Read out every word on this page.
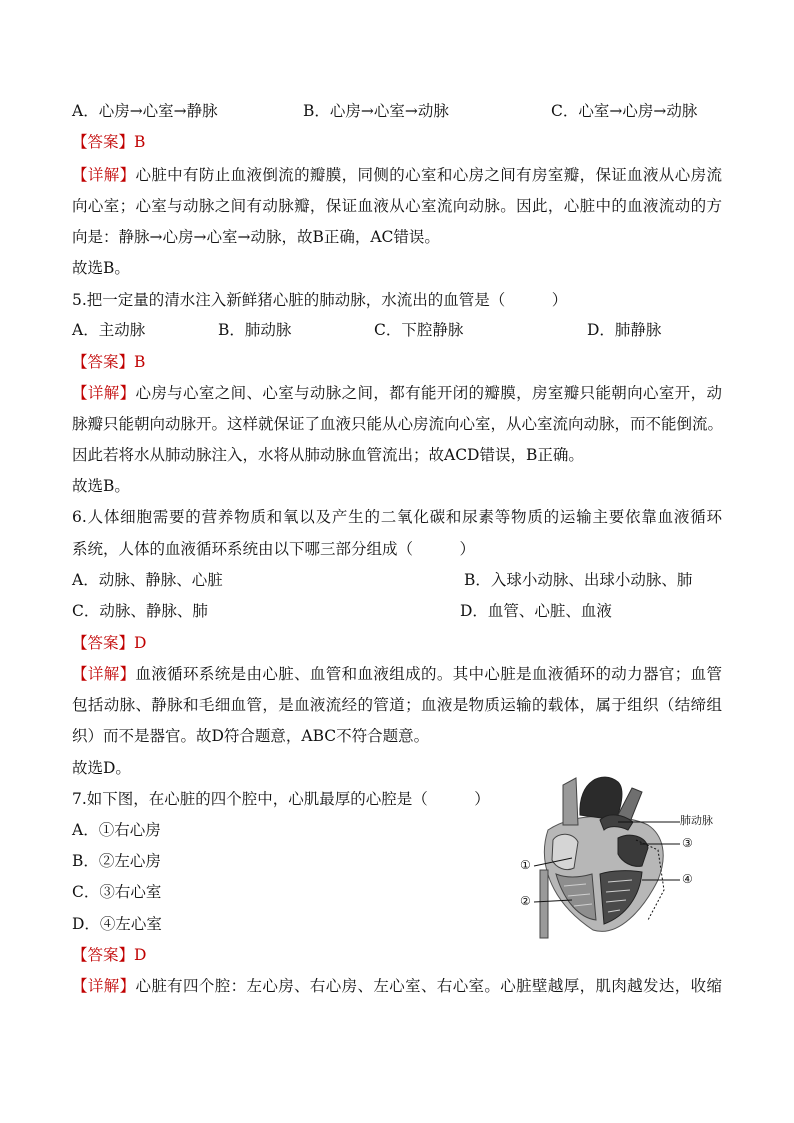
A．心房→心室→静脉	B．心房→心室→动脉	C．心室→心房→动脉
【答案】B
【详解】心脏中有防止血液倒流的瓣膜，同侧的心室和心房之间有房室瓣，保证血液从心房流
向心室；心室与动脉之间有动脉瓣，保证血液从心室流向动脉。因此，心脏中的血液流动的方
向是：静脉→心房→心室→动脉，故B正确，AC错误。
故选B。
5.把一定量的清水注入新鲜猪心脏的肺动脉，水流出的血管是（　　　）
A．主动脉	B．肺动脉	C．下腔静脉	D．肺静脉
【答案】B
【详解】心房与心室之间、心室与动脉之间，都有能开闭的瓣膜，房室瓣只能朝向心室开，动
脉瓣只能朝向动脉开。这样就保证了血液只能从心房流向心室，从心室流向动脉，而不能倒流。
因此若将水从肺动脉注入，水将从肺动脉血管流出；故ACD错误，B正确。
故选B。
6.人体细胞需要的营养物质和氧以及产生的二氧化碳和尿素等物质的运输主要依靠血液循环
系统，人体的血液循环系统由以下哪三部分组成（　　　）
A．动脉、静脉、心脏	B．入球小动脉、出球小动脉、肺
C．动脉、静脉、肺	D．血管、心脏、血液
【答案】D
【详解】血液循环系统是由心脏、血管和血液组成的。其中心脏是血液循环的动力器官；血管
包括动脉、静脉和毛细血管，是血液流经的管道；血液是物质运输的载体，属于组织（结缔组
织）而不是器官。故D符合题意，ABC不符合题意。
故选D。
7.如下图，在心脏的四个腔中，心肌最厚的心腔是（　　　）
A．①右心房
B．②左心房
C．③右心室
D．④左心室
【答案】D
【详解】心脏有四个腔：左心房、右心房、左心室、右心室。心脏壁越厚，肌肉越发达，收缩
肺动脉
③
④
①
②
